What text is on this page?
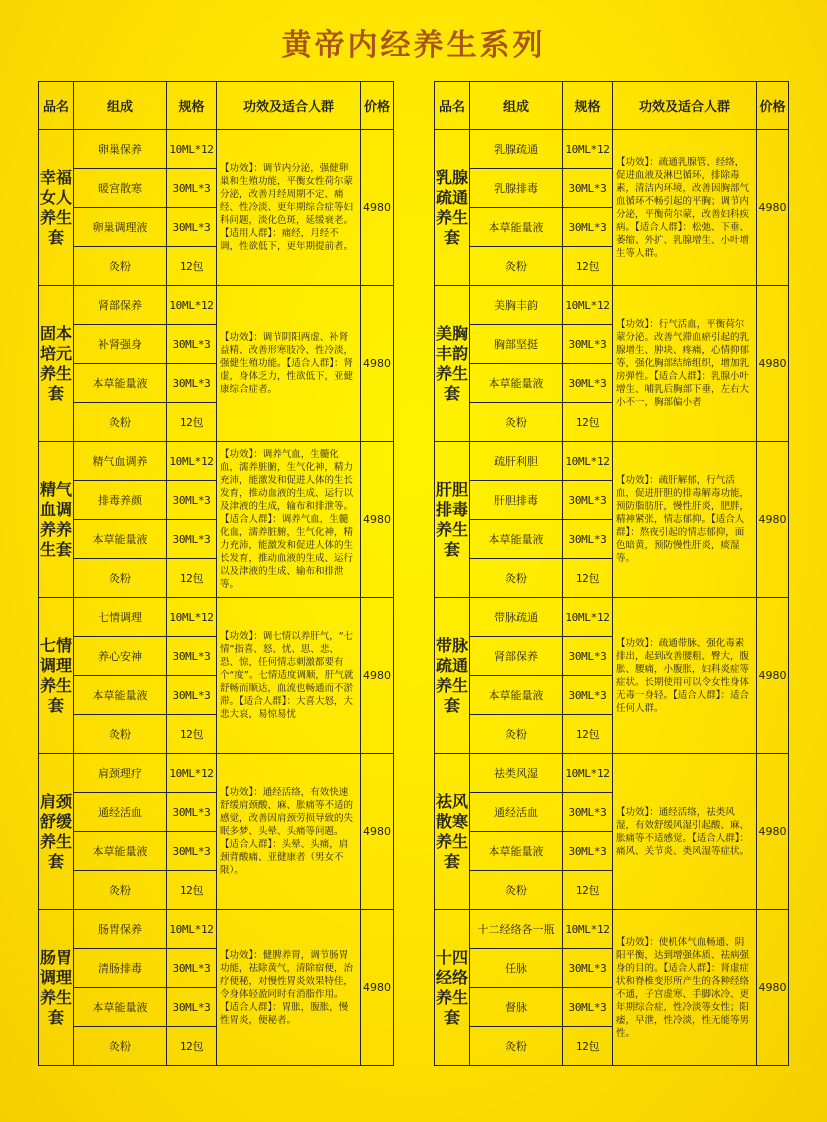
黄帝内经养生系列
品名	组成	规格	功效及适合人群	价格
幸福女人养生套	卵巢保养	10ML*12	【功效】：调节内分泌，强健卵巢和生殖功能，平衡女性荷尔蒙分泌，改善月经周期不定、痛经、性冷淡、更年期综合症等妇科问题，淡化色斑，延缓衰老。【适用人群】：痛经，月经不调，性欲低下，更年期提前者。	4980
	暖宫散寒	30ML*3		
	卵巢调理液	30ML*3		
	灸粉	12包		
固本培元养生套	肾部保养	10ML*12	【功效】：调节阴阳两虚、补肾益精、改善形寒肢冷、性冷淡，强健生殖功能。【适合人群】：肾虚，身体乏力，性欲低下，亚健康综合症者。	4980
	补肾强身	30ML*3		
	本草能量液	30ML*3		
	灸粉	12包		
精气血调养养生套	精气血调养	10ML*12	【功效】：调养气血，生髓化血，濡养脏腑，生气化神，精力充沛，能激发和促进人体的生长发育，推动血液的生成、运行以及津液的生成，输布和排泄等。【适合人群】：调养气血，生髓化血，濡养脏腑，生气化神，精力充沛，能激发和促进人体的生长发育，推动血液的生成、运行以及津液的生成、输布和排泄等。	4980
	排毒养颜	30ML*3		
	本草能量液	30ML*3		
	灸粉	12包		
七情调理养生套	七情调理	10ML*12	【功效】：调七情以养肝气，“七情”指喜、怒、忧、思、悲、恐、惊，任何情志刺激都要有个“度”。七情适度调顺，肝气就舒畅而顺达，血流也畅通而不淤滞。【适合人群】：大喜大怒，大悲大哀，易惊易忧	4980
	养心安神	30ML*3		
	本草能量液	30ML*3		
	灸粉	12包		
肩颈舒缓养生套	肩颈理疗	10ML*12	【功效】：通经活络，有效快速舒缓肩颈酸、麻、胀痛等不适的感觉，改善因肩颈劳损导致的失眠多梦、头晕、头痛等问题。【适合人群】：头晕、头痛，肩颈背酸痛、亚健康者（男女不限）。	4980
	通经活血	30ML*3		
	本草能量液	30ML*3		
	灸粉	12包		
肠胃调理养生套	肠胃保养	10ML*12	【功效】：健脾养胃，调节肠胃功能，祛除黄气，清除宿便，治疗便秘，对慢性胃炎效果特佳，令身体轻盈同时有消脂作用。【适合人群】：胃胀，腹胀，慢性胃炎，便秘者。	4980
	清肠排毒	30ML*3		
	本草能量液	30ML*3		
	灸粉	12包		
品名	组成	规格	功效及适合人群	价格
乳腺疏通养生套	乳腺疏通	10ML*12	【功效】：疏通乳腺管、经络，促进血液及淋巴循环，排除毒素，清洁内环境，改善因胸部气血循环不畅引起的平胸；调节内分泌，平衡荷尔蒙，改善妇科疾病。【适合人群】：松弛、下垂、萎缩、外扩、乳腺增生、小叶增生等人群。	4980
	乳腺排毒	30ML*3		
	本草能量液	30ML*3		
	灸粉	12包		
美胸丰韵养生套	美胸丰韵	10ML*12	【功效】：行气活血，平衡荷尔蒙分泌。改善气滞血瘀引起的乳腺增生、肿块、疼痛，心情抑郁等，强化胸部结缔组织，增加乳房弹性。【适合人群】：乳腺小叶增生、哺乳后胸部下垂，左右大小不一，胸部偏小者	4980
	胸部坚挺	30ML*3		
	本草能量液	30ML*3		
	灸粉	12包		
肝胆排毒养生套	疏肝利胆	10ML*12	【功效】：疏肝解郁，行气活血，促进肝胆的排毒解毒功能，预防脂肪肝，慢性肝炎，肥胖，精神紧张，情志郁抑。【适合人群】：熬夜引起的情志郁抑，面色暗黄，预防慢性肝炎，痰湿等。	4980
	肝胆排毒	30ML*3		
	本草能量液	30ML*3		
	灸粉	12包		
带脉疏通养生套	带脉疏通	10ML*12	【功效】：疏通带脉、强化毒素排出，起到改善腰粗、臀大，腹胀、腰痛，小腹胀，妇科炎症等症状。长期使用可以令女性身体无毒一身轻。【适合人群】：适合任何人群。	4980
	肾部保养	30ML*3		
	本草能量液	30ML*3		
	灸粉	12包		
祛风散寒养生套	祛类风湿	10ML*12	【功效】：通经活络，祛类风湿，有效舒缓风湿引起酸、麻、胀痛等不适感觉。【适合人群】：痛风、关节炎、类风湿等症状。	4980
	通经活血	30ML*3		
	本草能量液	30ML*3		
	灸粉	12包		
十四经络养生套	十二经络各一瓶	10ML*12	【功效】：使机体气血畅通、阴阳平衡，达到增强体质、祛病强身的目的。【适合人群】：肾虚症状和脊椎变形所产生的各种经络不通，子宫虚寒、手脚冰冷、更年期综合症，性冷淡等女性；阳痿，早泄，性冷淡，性无能等男性。	4980
	任脉	30ML*3		
	督脉	30ML*3		
	灸粉	12包		
